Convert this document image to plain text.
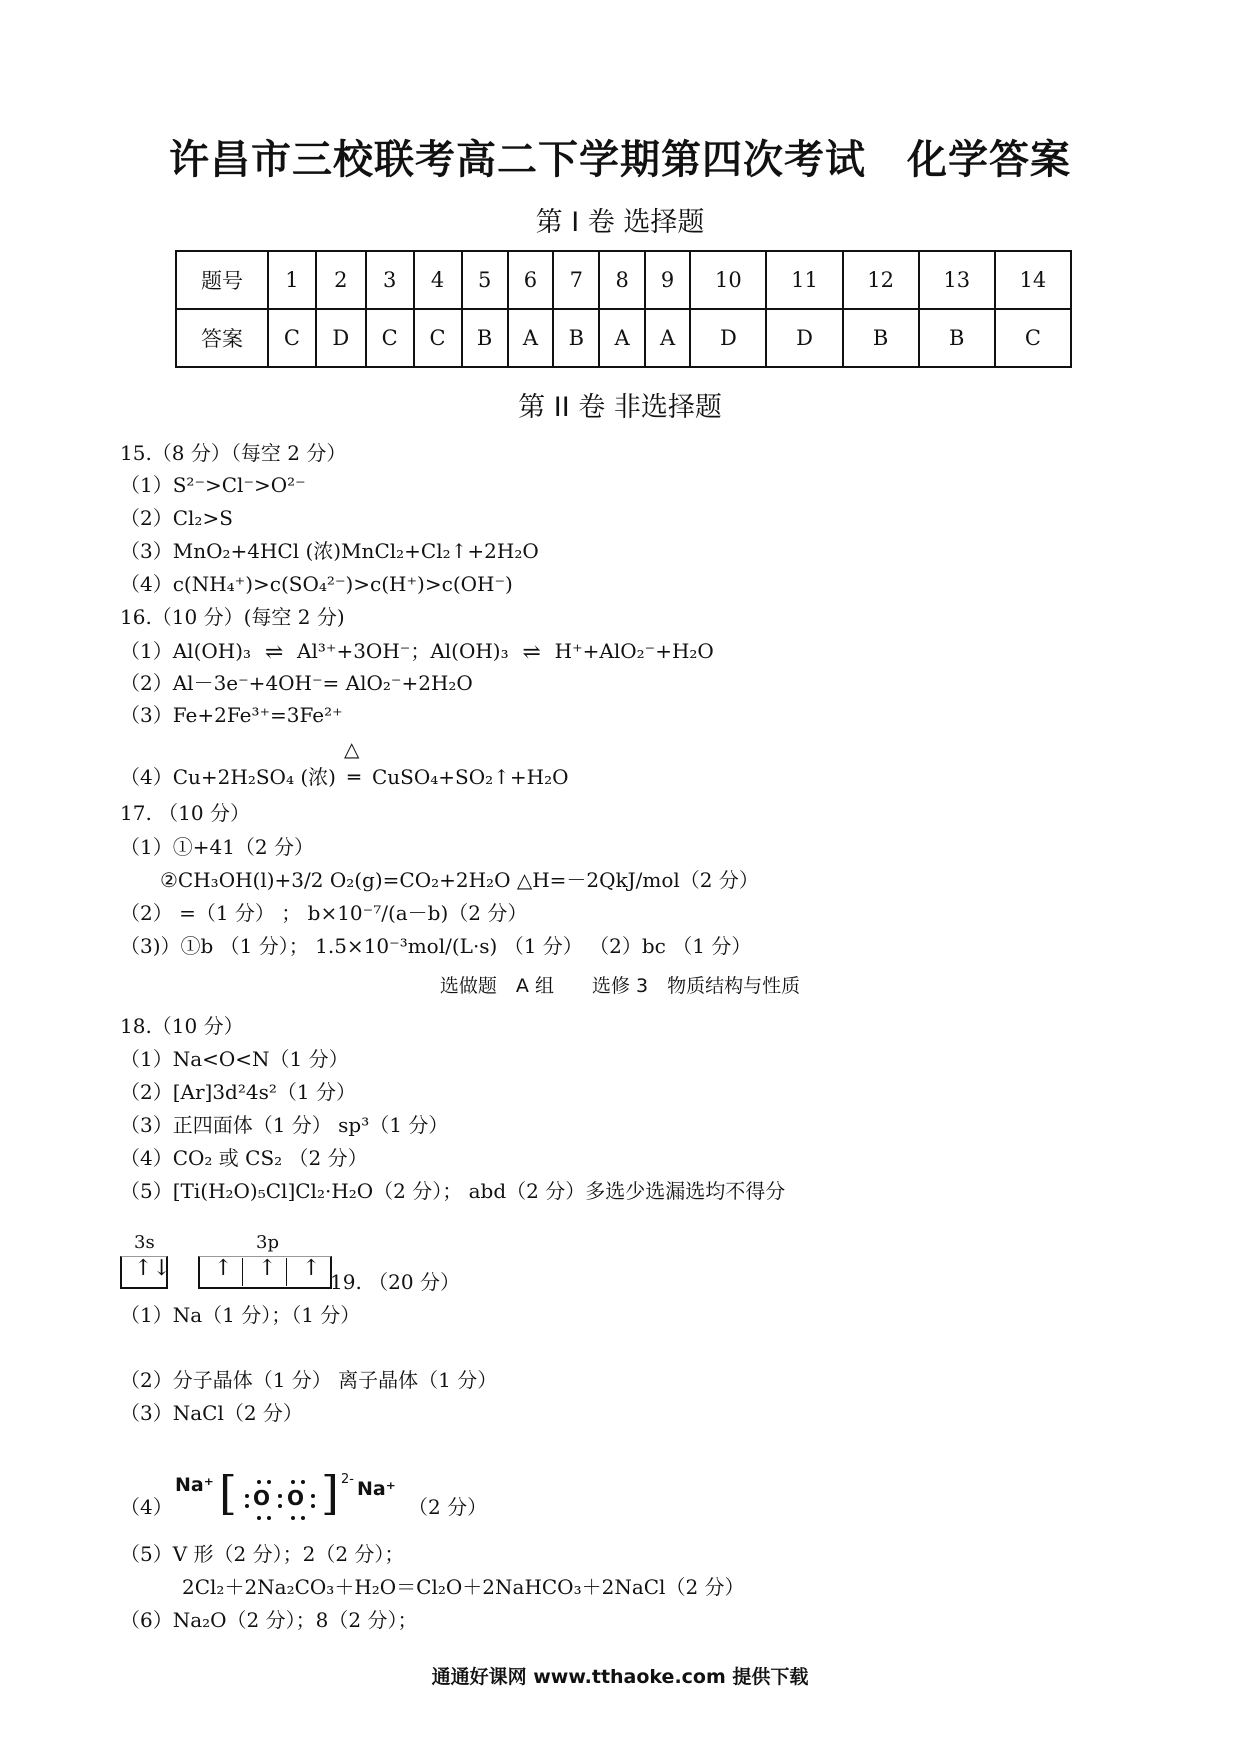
许昌市三校联考高二下学期第四次考试　化学答案
第 I 卷 选择题
题号	1	2	3	4	5	6	7	8	9	10	11	12	13	14
答案	C	D	C	C	B	A	B	A	A	D	D	B	B	C
第 II 卷 非选择题
15.（8 分）（每空 2 分）
（1）S²⁻>Cl⁻>O²⁻
（2）Cl₂>S
（3）MnO₂+4HCl (浓)MnCl₂+Cl₂↑+2H₂O
（4）c(NH₄⁺)>c(SO₄²⁻)>c(H⁺)>c(OH⁻)
16.（10 分）(每空 2 分)
（1）Al(OH)₃ ⇌ Al³⁺+3OH⁻；Al(OH)₃ ⇌ H⁺+AlO₂⁻+H₂O
（2）Al－3e⁻+4OH⁻= AlO₂⁻+2H₂O
（3）Fe+2Fe³⁺=3Fe²⁺
（4）Cu+2H₂SO₄ (浓)
△
═ CuSO₄+SO₂↑+H₂O
17. （10 分）
（1）①+41（2 分）
②CH₃OH(l)+3/2 O₂(g)=CO₂+2H₂O △H=－2QkJ/mol（2 分）
（2） =（1 分） ； b×10⁻⁷/(a－b)（2 分）
（3)）①b （1 分）； 1.5×10⁻³mol/(L·s) （1 分） （2）bc （1 分）
选做题　A 组　　选修 3　物质结构与性质
18.（10 分）
（1）Na<O<N（1 分）
（2）[Ar]3d²4s²（1 分）
（3）正四面体（1 分） sp³（1 分）
（4）CO₂ 或 CS₂ （2 分）
（5）[Ti(H₂O)₅Cl]Cl₂·H₂O（2 分）； abd（2 分）多选少选漏选均不得分
3s	3p
↑↓ ↑ ↑ ↑
19. （20 分）
（1）Na（1 分）；（1 分）
（2）分子晶体（1 分） 离子晶体（1 分）
（3）NaCl（2 分）
（4）
Na⁺ [ O O ] 2- Na⁺
（2 分）
（5）V 形（2 分）；2（2 分）；
2Cl₂＋2Na₂CO₃＋H₂O＝Cl₂O＋2NaHCO₃＋2NaCl（2 分）
（6）Na₂O（2 分）；8（2 分）；
通通好课网 www.tthaoke.com 提供下载
